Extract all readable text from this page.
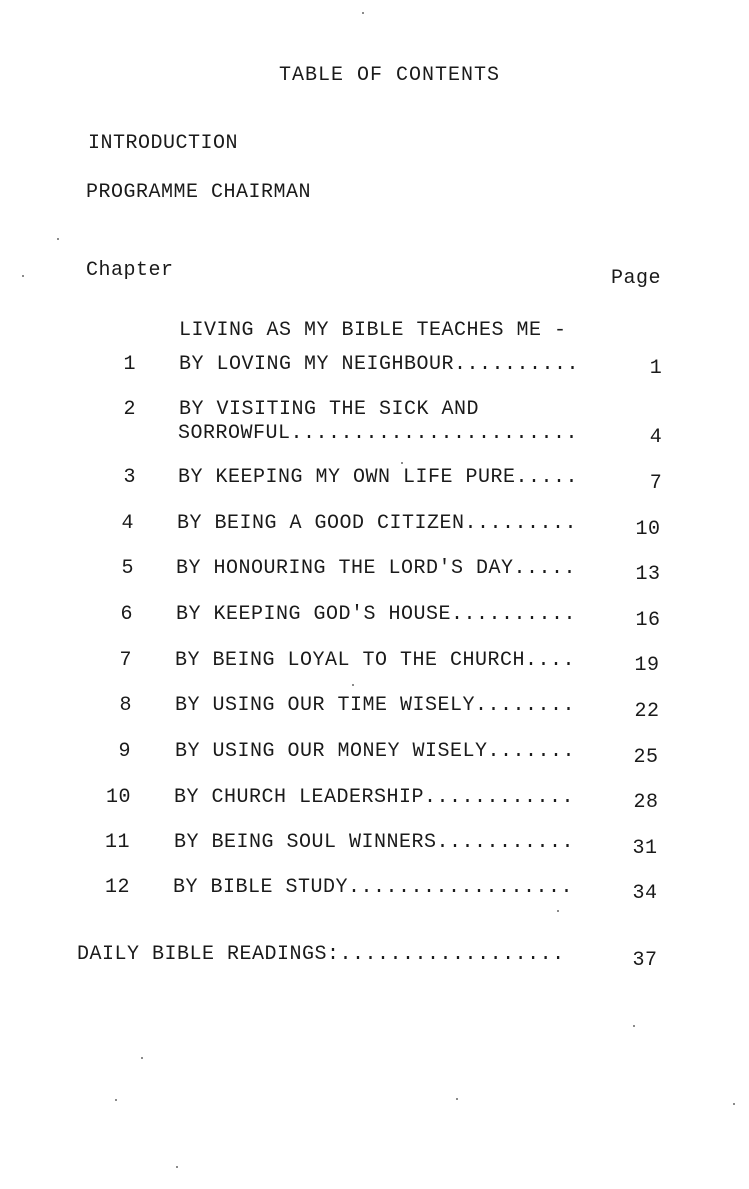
TABLE OF CONTENTS
INTRODUCTION
PROGRAMME CHAIRMAN
Chapter	Page
LIVING AS MY BIBLE TEACHES ME -
1 BY LOVING MY NEIGHBOUR..........	1
2 BY VISITING THE SICK AND
SORROWFUL.......................	4
3 BY KEEPING MY OWN LIFE PURE.....	7
4 BY BEING A GOOD CITIZEN.........	10
5 BY HONOURING THE LORD'S DAY.....	13
6 BY KEEPING GOD'S HOUSE..........	16
7 BY BEING LOYAL TO THE CHURCH....	19
8 BY USING OUR TIME WISELY........	22
9 BY USING OUR MONEY WISELY.......	25
10 BY CHURCH LEADERSHIP............	28
11 BY BEING SOUL WINNERS...........	31
12 BY BIBLE STUDY..................	34
DAILY BIBLE READINGS:..................	37
